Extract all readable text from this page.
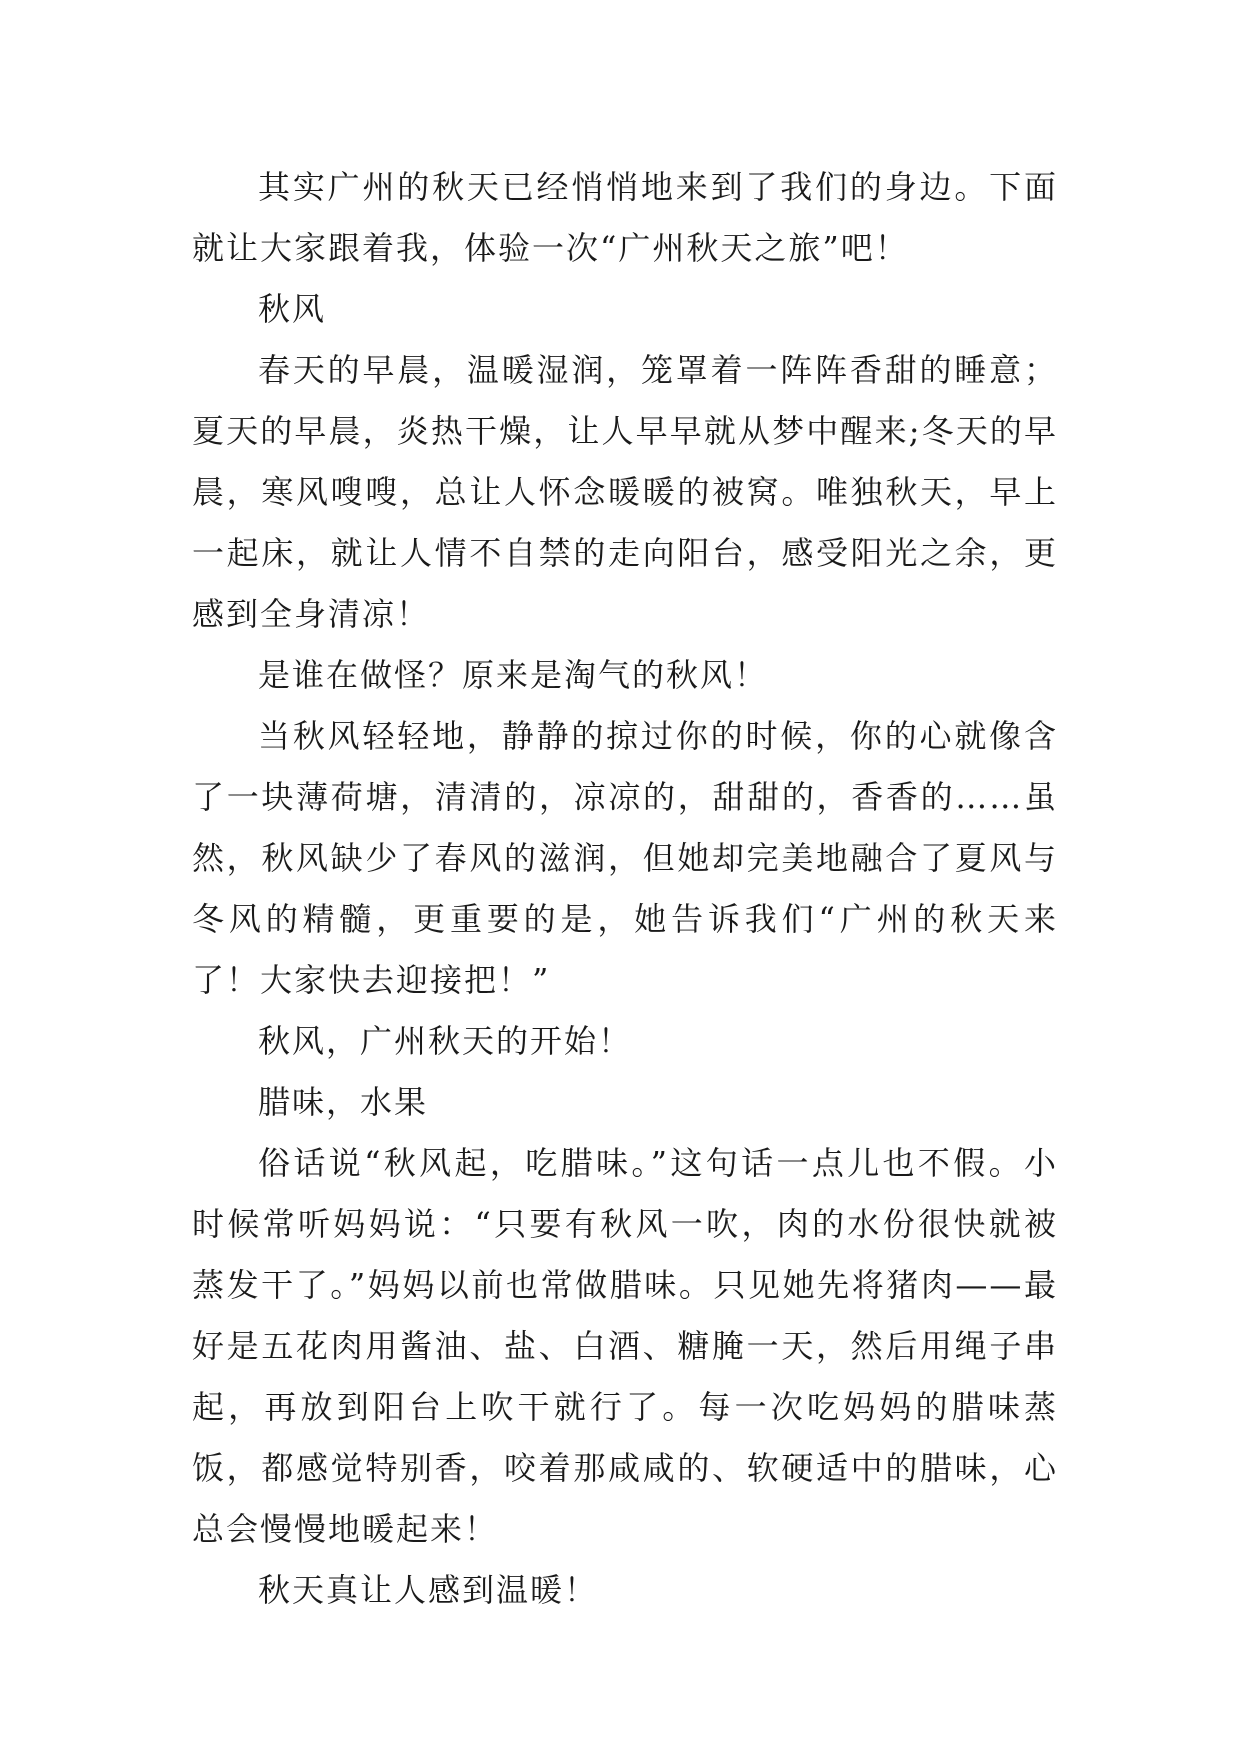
其实广州的秋天已经悄悄地来到了我们的身边。下面就让大家跟着我，体验一次“广州秋天之旅”吧！

秋风

春天的早晨，温暖湿润，笼罩着一阵阵香甜的睡意；夏天的早晨，炎热干燥，让人早早就从梦中醒来;冬天的早晨，寒风嗖嗖，总让人怀念暖暖的被窝。唯独秋天，早上一起床，就让人情不自禁的走向阳台，感受阳光之余，更感到全身清凉！

是谁在做怪？原来是淘气的秋风！

当秋风轻轻地，静静的掠过你的时候，你的心就像含了一块薄荷塘，清清的，凉凉的，甜甜的，香香的……虽然，秋风缺少了春风的滋润，但她却完美地融合了夏风与冬风的精髓，更重要的是，她告诉我们“广州的秋天来了！大家快去迎接把！”

秋风，广州秋天的开始！

腊味，水果

俗话说“秋风起，吃腊味。”这句话一点儿也不假。小时候常听妈妈说：“只要有秋风一吹，肉的水份很快就被蒸发干了。”妈妈以前也常做腊味。只见她先将猪肉——最好是五花肉用酱油、盐、白酒、糖腌一天，然后用绳子串起，再放到阳台上吹干就行了。每一次吃妈妈的腊味蒸饭，都感觉特别香，咬着那咸咸的、软硬适中的腊味，心总会慢慢地暖起来！

秋天真让人感到温暖！
